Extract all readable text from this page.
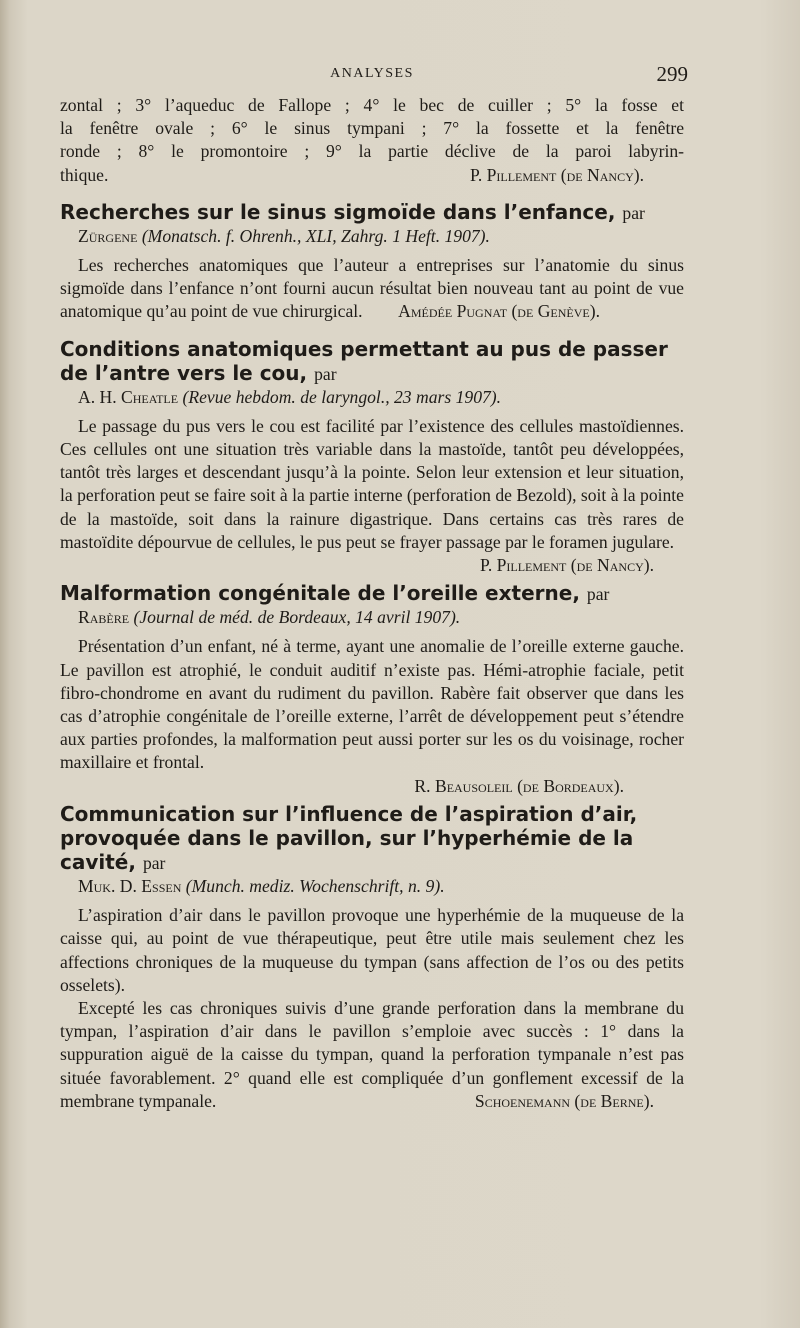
ANALYSES	299

zontal ; 3° l’aqueduc de Fallope ; 4° le bec de cuiller ; 5° la fosse et

la fenêtre ovale ; 6° le sinus tympani ; 7° la fossette et la fenêtre

ronde ; 8° le promontoire ; 9° la partie déclive de la paroi labyrin-

thique.	P. Pillement (de Nancy).

Recherches sur le sinus sigmoïde dans l’enfance, par
Zürgene (Monatsch. f. Ohrenh., XLI, Zahrg. 1 Heft. 1907).

Les recherches anatomiques que l’auteur a entreprises sur l’anatomie du sinus sigmoïde dans l’enfance n’ont fourni aucun résultat bien nouveau tant au point de vue anatomique qu’au point de vue chirurgical.	Amédée Pugnat (de Genève).

Conditions anatomiques permettant au pus de passer de l’antre vers le cou, par
A. H. Cheatle (Revue hebdom. de laryngol., 23 mars 1907).

Le passage du pus vers le cou est facilité par l’existence des cellules mastoïdiennes. Ces cellules ont une situation très variable dans la mastoïde, tantôt peu développées, tantôt très larges et descendant jusqu’à la pointe. Selon leur extension et leur situation, la perforation peut se faire soit à la partie interne (perforation de Bezold), soit à la pointe de la mastoïde, soit dans la rainure digastrique. Dans certains cas très rares de mastoïdite dépourvue de cellules, le pus peut se frayer passage par le foramen jugulare.

P. Pillement (de Nancy).

Malformation congénitale de l’oreille externe, par
Rabère (Journal de méd. de Bordeaux, 14 avril 1907).

Présentation d’un enfant, né à terme, ayant une anomalie de l’oreille externe gauche. Le pavillon est atrophié, le conduit auditif n’existe pas. Hémi-atrophie faciale, petit fibro-chondrome en avant du rudiment du pavillon. Rabère fait observer que dans les cas d’atrophie congénitale de l’oreille externe, l’arrêt de développement peut s’étendre aux parties profondes, la malformation peut aussi porter sur les os du voisinage, rocher maxillaire et frontal.

R. Beausoleil (de Bordeaux).

Communication sur l’influence de l’aspiration d’air, provoquée dans le pavillon, sur l’hyperhémie de la cavité, par
Muk. D. Essen (Munch. mediz. Wochenschrift, n. 9).

L’aspiration d’air dans le pavillon provoque une hyperhémie de la muqueuse de la caisse qui, au point de vue thérapeutique, peut être utile mais seulement chez les affections chroniques de la muqueuse du tympan (sans affection de l’os ou des petits osselets).

Excepté les cas chroniques suivis d’une grande perforation dans la membrane du tympan, l’aspiration d’air dans le pavillon s’emploie avec succès : 1° dans la suppuration aiguë de la caisse du tympan, quand la perforation tympanale n’est pas située favorablement. 2° quand elle est compliquée d’un gonflement excessif de la membrane tympanale.	Schoenemann (de Berne).
